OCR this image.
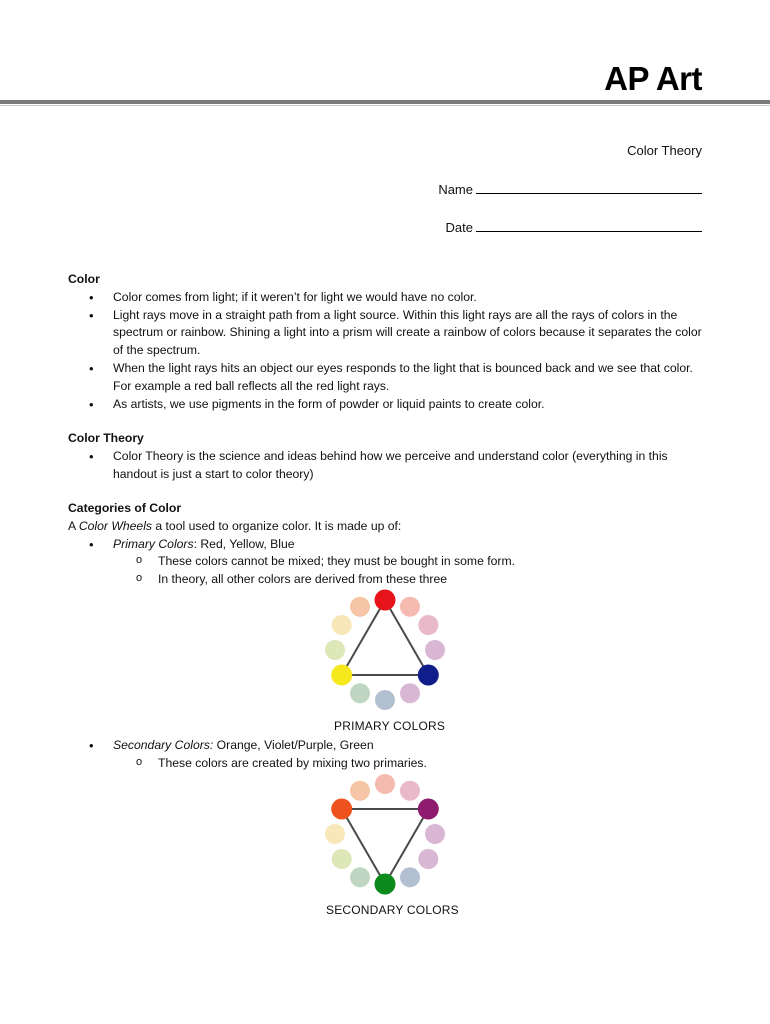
AP Art
Color Theory
Name
Date
Color
• Color comes from light; if it weren’t for light we would have no color.
• Light rays move in a straight path from a light source. Within this light rays are all the rays of colors in the spectrum or rainbow. Shining a light into a prism will create a rainbow of colors because it separates the color of the spectrum.
• When the light rays hits an object our eyes responds to the light that is bounced back and we see that color. For example a red ball reflects all the red light rays.
• As artists, we use pigments in the form of powder or liquid paints to create color.
Color Theory
• Color Theory is the science and ideas behind how we perceive and understand color (everything in this handout is just a start to color theory)
Categories of Color
A Color Wheels a tool used to organize color. It is made up of:
• Primary Colors: Red, Yellow, Blue
o These colors cannot be mixed; they must be bought in some form.
o In theory, all other colors are derived from these three
PRIMARY COLORS
• Secondary Colors: Orange, Violet/Purple, Green
o These colors are created by mixing two primaries.
SECONDARY COLORS
